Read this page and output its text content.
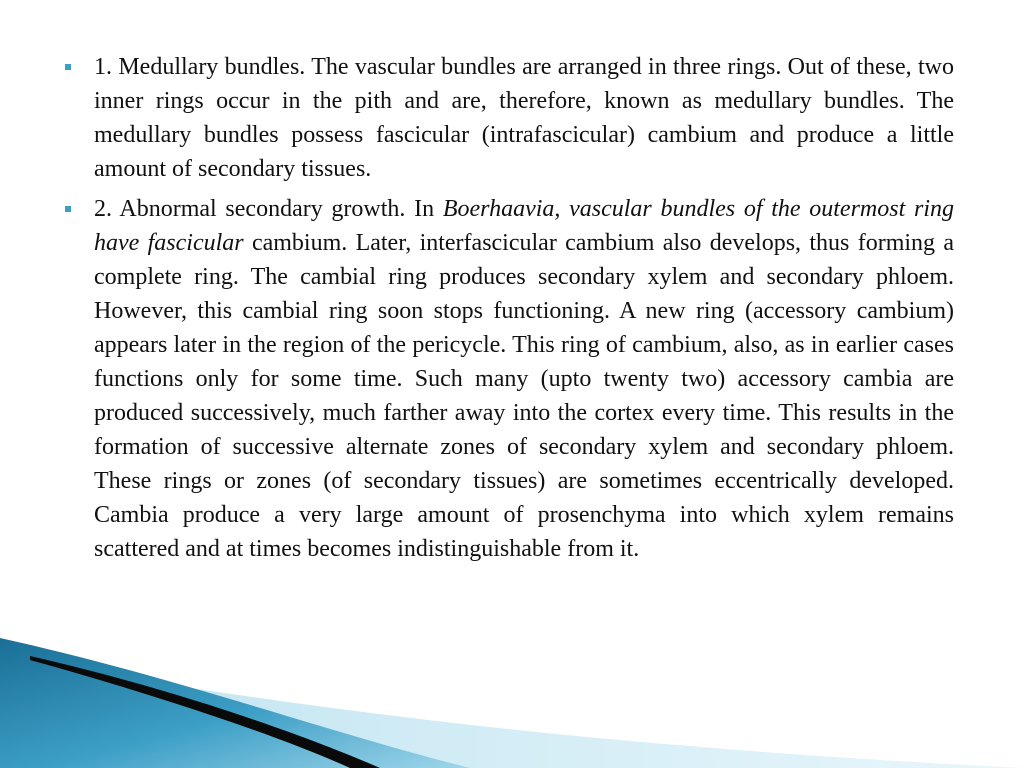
1. Medullary bundles. The vascular bundles are arranged in three rings. Out of these, two inner rings occur in the pith and are, therefore, known as medullary bundles. The medullary bundles possess fascicular (intrafascicular) cambium and produce a little amount of secondary tissues.

2. Abnormal secondary growth. In Boerhaavia, vascular bundles of the outermost ring have fascicular cambium. Later, interfascicular cambium also develops, thus forming a complete ring. The cambial ring produces secondary xylem and secondary phloem. However, this cambial ring soon stops functioning. A new ring (accessory cambium) appears later in the region of the pericycle. This ring of cambium, also, as in earlier cases functions only for some time. Such many (upto twenty two) accessory cambia are produced successively, much farther away into the cortex every time. This results in the formation of successive alternate zones of secondary xylem and secondary phloem. These rings or zones (of secondary tissues) are sometimes eccentrically developed. Cambia produce a very large amount of prosenchyma into which xylem remains scattered and at times becomes indistinguishable from it.
